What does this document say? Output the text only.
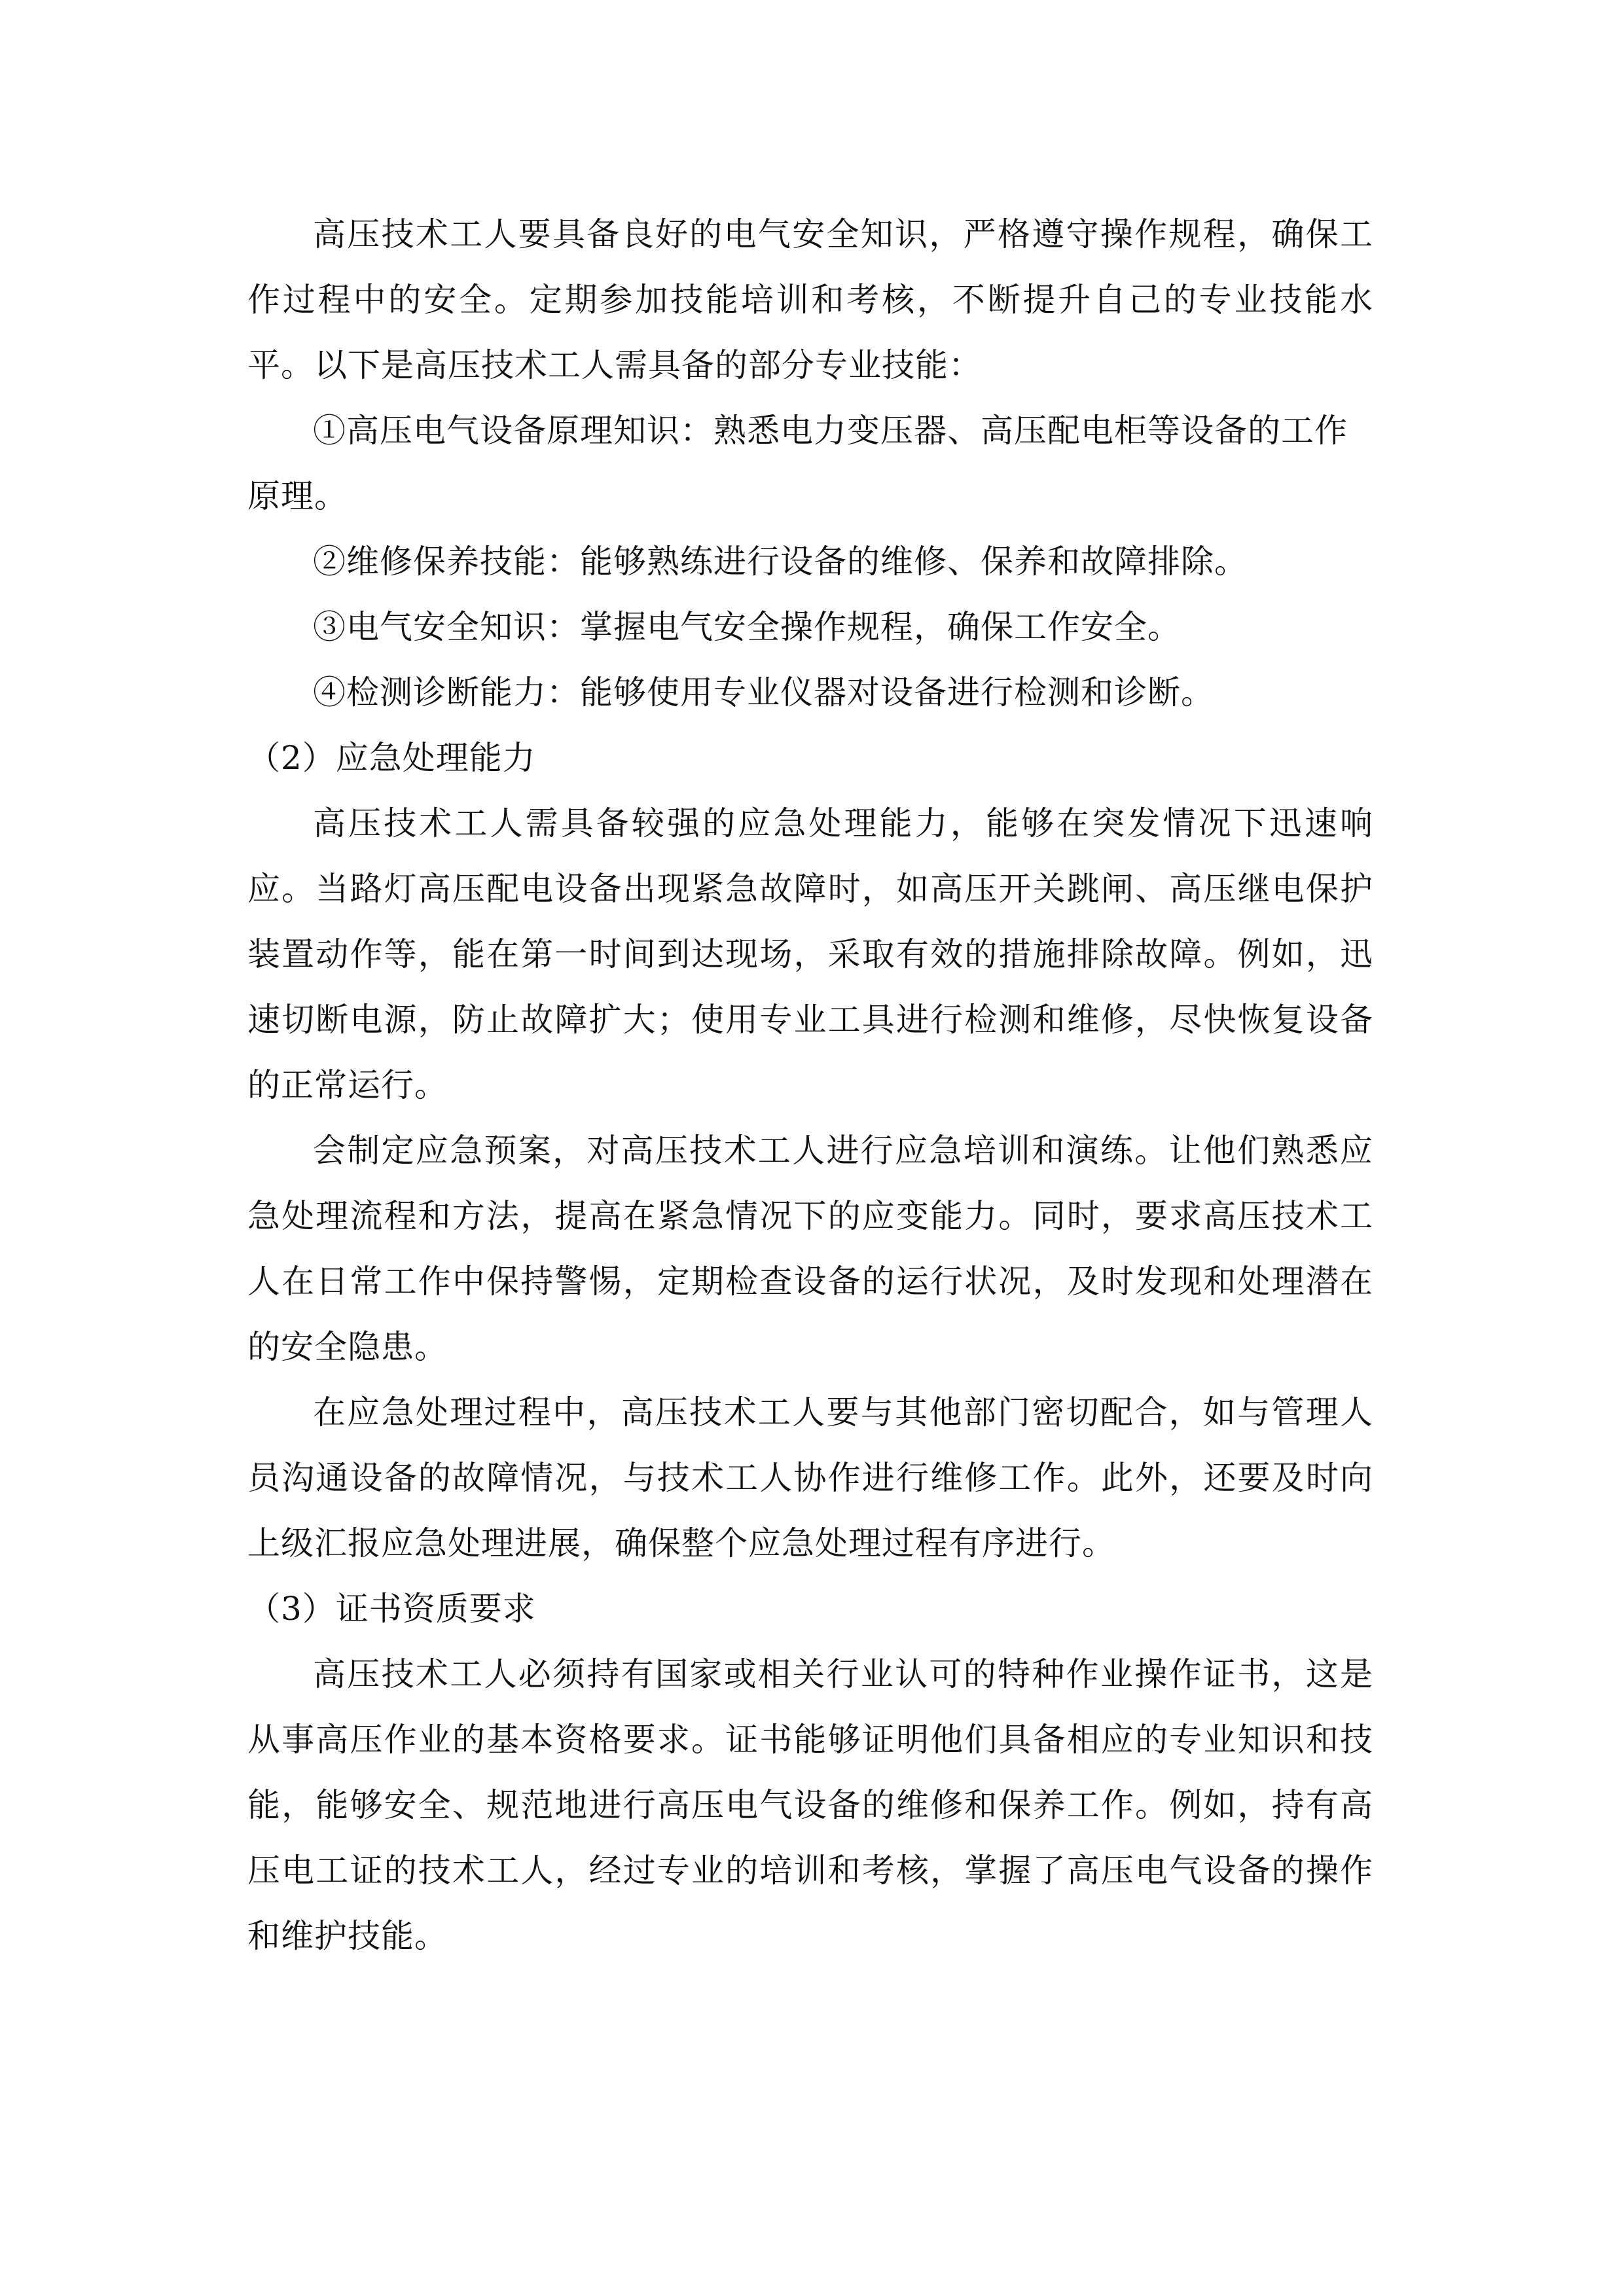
高压技术工人要具备良好的电气安全知识，严格遵守操作规程，确保工作过程中的安全。定期参加技能培训和考核，不断提升自己的专业技能水平。以下是高压技术工人需具备的部分专业技能：

①高压电气设备原理知识：熟悉电力变压器、高压配电柜等设备的工作原理。

②维修保养技能：能够熟练进行设备的维修、保养和故障排除。

③电气安全知识：掌握电气安全操作规程，确保工作安全。

④检测诊断能力：能够使用专业仪器对设备进行检测和诊断。

（2）应急处理能力

高压技术工人需具备较强的应急处理能力，能够在突发情况下迅速响应。当路灯高压配电设备出现紧急故障时，如高压开关跳闸、高压继电保护装置动作等，能在第一时间到达现场，采取有效的措施排除故障。例如，迅速切断电源，防止故障扩大；使用专业工具进行检测和维修，尽快恢复设备的正常运行。

会制定应急预案，对高压技术工人进行应急培训和演练。让他们熟悉应急处理流程和方法，提高在紧急情况下的应变能力。同时，要求高压技术工人在日常工作中保持警惕，定期检查设备的运行状况，及时发现和处理潜在的安全隐患。

在应急处理过程中，高压技术工人要与其他部门密切配合，如与管理人员沟通设备的故障情况，与技术工人协作进行维修工作。此外，还要及时向上级汇报应急处理进展，确保整个应急处理过程有序进行。

（3）证书资质要求

高压技术工人必须持有国家或相关行业认可的特种作业操作证书，这是从事高压作业的基本资格要求。证书能够证明他们具备相应的专业知识和技能，能够安全、规范地进行高压电气设备的维修和保养工作。例如，持有高压电工证的技术工人，经过专业的培训和考核，掌握了高压电气设备的操作和维护技能。
